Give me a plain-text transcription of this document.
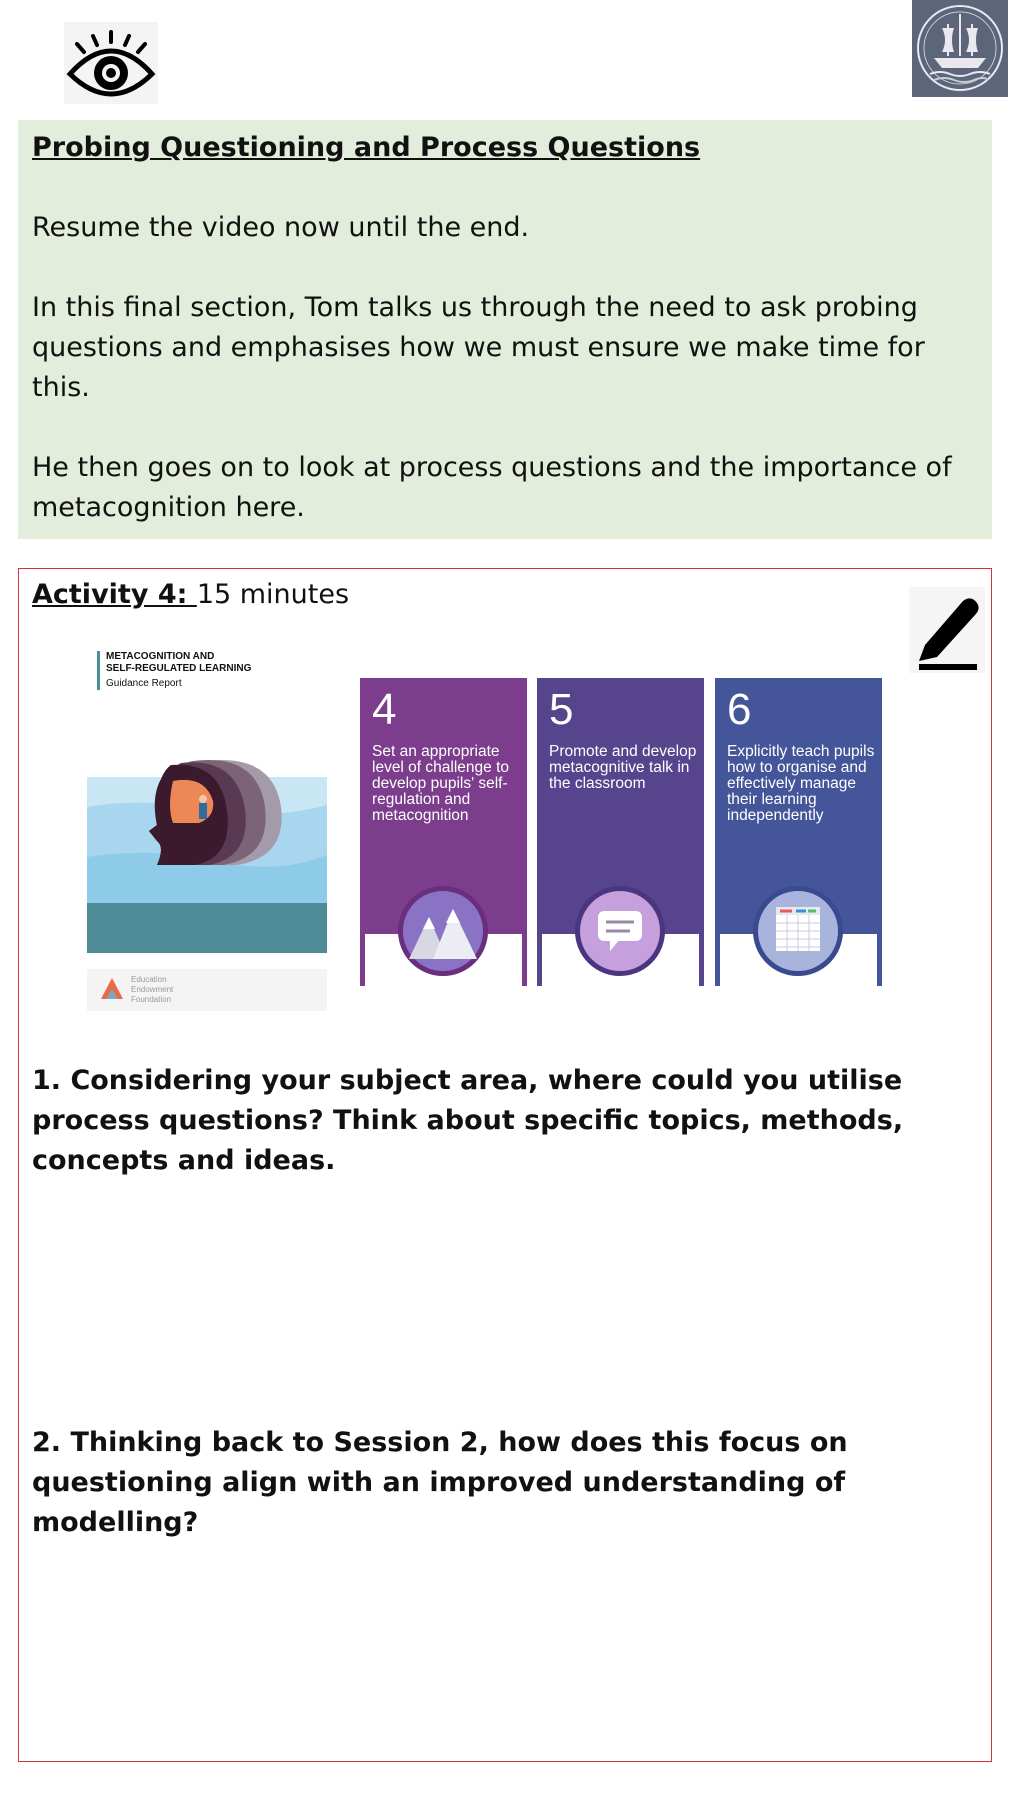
Probing Questioning and Process Questions

Resume the video now until the end.

In this final section, Tom talks us through the need to ask probing questions and emphasises how we must ensure we make time for this.

He then goes on to look at process questions and the importance of metacognition here.

Activity 4: 15 minutes
METACOGNITION AND
SELF-REGULATED LEARNING
Guidance Report
Education
Endowment
Foundation
4
Set an appropriate level of challenge to develop pupils' self-regulation and metacognition
5
Promote and develop metacognitive talk in the classroom
6
Explicitly teach pupils how to organise and effectively manage their learning independently

1. Considering your subject area, where could you utilise process questions? Think about specific topics, methods, concepts and ideas.

2. Thinking back to Session 2, how does this focus on questioning align with an improved understanding of modelling?
